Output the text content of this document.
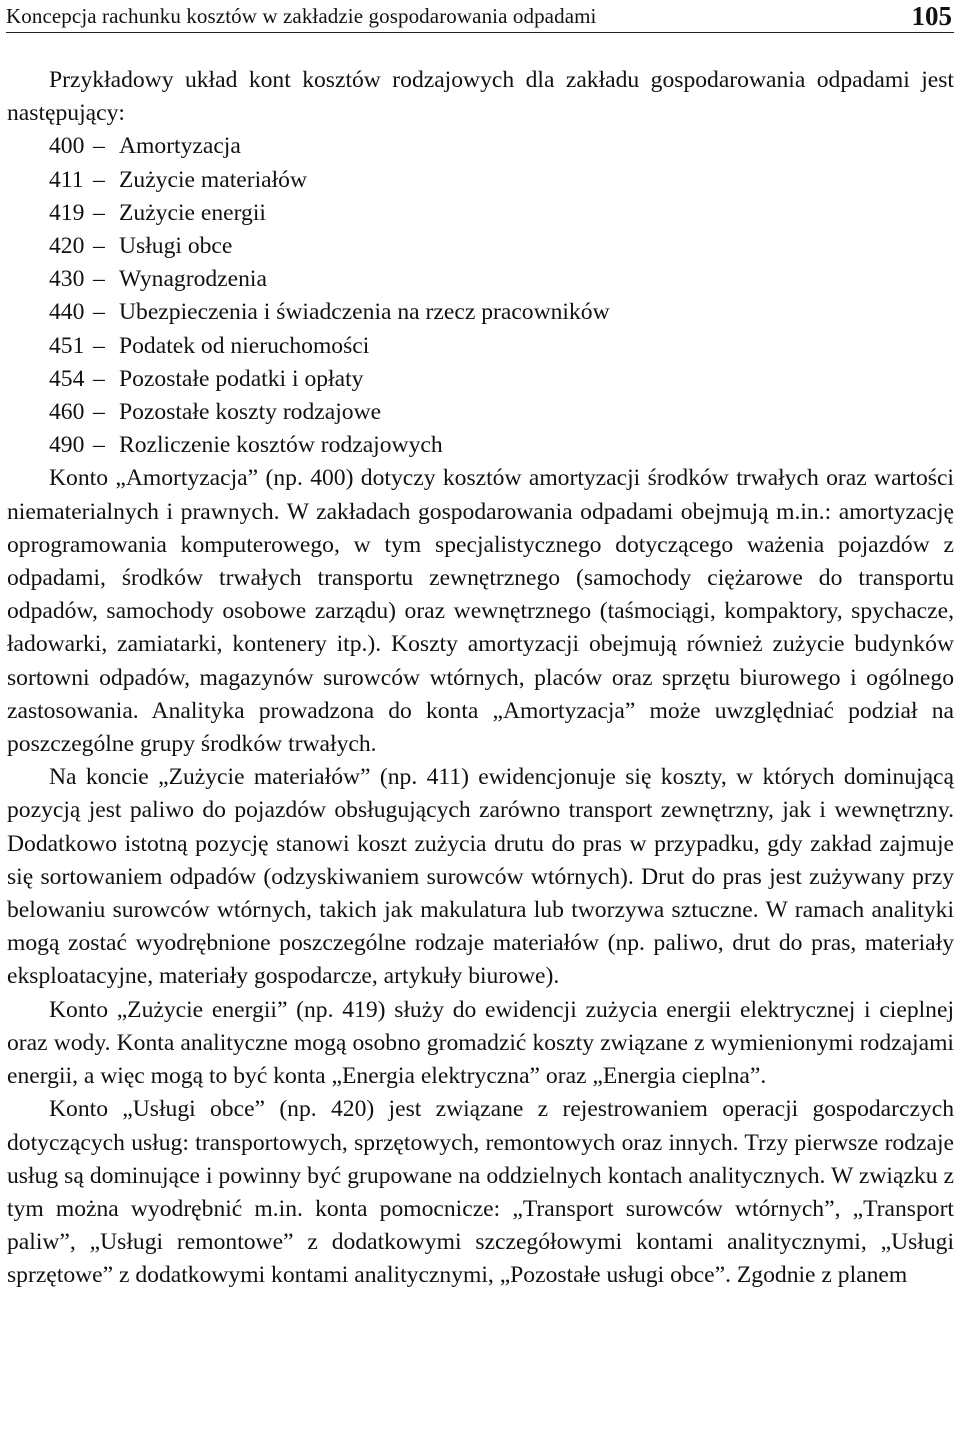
Koncepcja rachunku kosztów w zakładzie gospodarowania odpadami	105

Przykładowy układ kont kosztów rodzajowych dla zakładu gospodarowania odpadami jest następujący:

400 – Amortyzacja
411 – Zużycie materiałów
419 – Zużycie energii
420 – Usługi obce
430 – Wynagrodzenia
440 – Ubezpieczenia i świadczenia na rzecz pracowników
451 – Podatek od nieruchomości
454 – Pozostałe podatki i opłaty
460 – Pozostałe koszty rodzajowe
490 – Rozliczenie kosztów rodzajowych

Konto „Amortyzacja” (np. 400) dotyczy kosztów amortyzacji środków trwałych oraz wartości niematerialnych i prawnych. W zakładach gospodarowania odpadami obejmują m.in.: amortyzację oprogramowania komputerowego, w tym specjalistycznego dotyczącego ważenia pojazdów z odpadami, środków trwałych transportu zewnętrznego (samochody ciężarowe do transportu odpadów, samochody osobowe zarządu) oraz wewnętrznego (taśmociągi, kompaktory, spychacze, ładowarki, zamiatarki, kontenery itp.). Koszty amortyzacji obejmują również zużycie budynków sortowni odpadów, magazynów surowców wtórnych, placów oraz sprzętu biurowego i ogólnego zastosowania. Analityka prowadzona do konta „Amortyzacja” może uwzględniać podział na poszczególne grupy środków trwałych.

Na koncie „Zużycie materiałów” (np. 411) ewidencjonuje się koszty, w których dominującą pozycją jest paliwo do pojazdów obsługujących zarówno transport zewnętrzny, jak i wewnętrzny. Dodatkowo istotną pozycję stanowi koszt zużycia drutu do pras w przypadku, gdy zakład zajmuje się sortowaniem odpadów (odzyskiwaniem surowców wtórnych). Drut do pras jest zużywany przy belowaniu surowców wtórnych, takich jak makulatura lub tworzywa sztuczne. W ramach analityki mogą zostać wyodrębnione poszczególne rodzaje materiałów (np. paliwo, drut do pras, materiały eksploatacyjne, materiały gospodarcze, artykuły biurowe).

Konto „Zużycie energii” (np. 419) służy do ewidencji zużycia energii elektrycznej i cieplnej oraz wody. Konta analityczne mogą osobno gromadzić koszty związane z wymienionymi rodzajami energii, a więc mogą to być konta „Energia elektryczna” oraz „Energia cieplna”.

Konto „Usługi obce” (np. 420) jest związane z rejestrowaniem operacji gospodarczych dotyczących usług: transportowych, sprzętowych, remontowych oraz innych. Trzy pierwsze rodzaje usług są dominujące i powinny być grupowane na oddzielnych kontach analitycznych. W związku z tym można wyodrębnić m.in. konta pomocnicze: „Transport surowców wtórnych”, „Transport paliw”, „Usługi remontowe” z dodatkowymi szczegółowymi kontami analitycznymi, „Usługi sprzętowe” z dodatkowymi kontami analitycznymi, „Pozostałe usługi obce”. Zgodnie z planem
